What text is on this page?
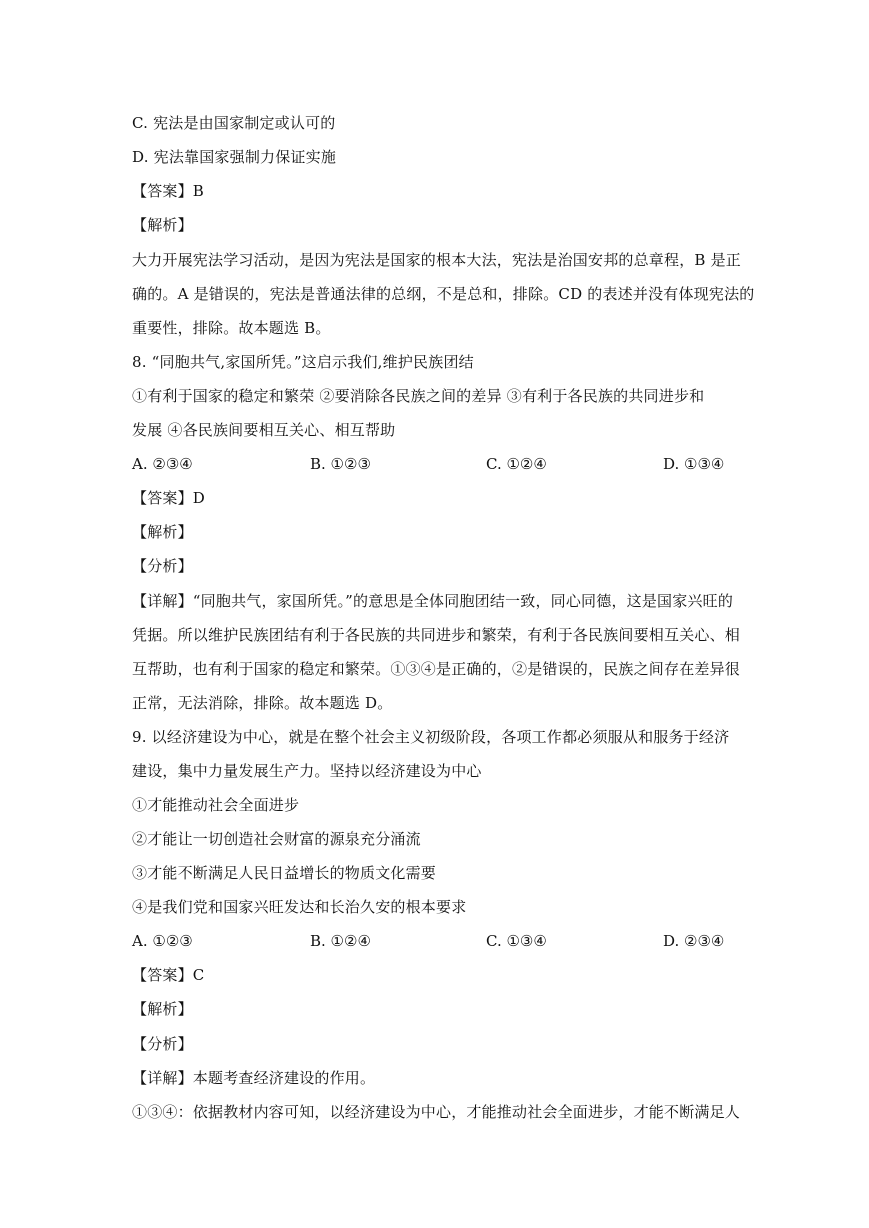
C. 宪法是由国家制定或认可的
D. 宪法靠国家强制力保证实施
【答案】B
【解析】
大力开展宪法学习活动，是因为宪法是国家的根本大法，宪法是治国安邦的总章程，B 是正
确的。A 是错误的，宪法是普通法律的总纲，不是总和，排除。CD 的表述并没有体现宪法的
重要性，排除。故本题选 B。
8. “同胞共气,家国所凭。”这启示我们,维护民族团结
①有利于国家的稳定和繁荣 ②要消除各民族之间的差异 ③有利于各民族的共同进步和
发展 ④各民族间要相互关心、相互帮助
A. ②③④	B. ①②③	C. ①②④	D. ①③④
【答案】D
【解析】
【分析】
【详解】“同胞共气，家国所凭。”的意思是全体同胞团结一致，同心同德，这是国家兴旺的
凭据。所以维护民族团结有利于各民族的共同进步和繁荣，有利于各民族间要相互关心、相
互帮助，也有利于国家的稳定和繁荣。①③④是正确的，②是错误的，民族之间存在差异很
正常，无法消除，排除。故本题选 D。
9. 以经济建设为中心，就是在整个社会主义初级阶段，各项工作都必须服从和服务于经济
建设，集中力量发展生产力。坚持以经济建设为中心
①才能推动社会全面进步
②才能让一切创造社会财富的源泉充分涌流
③才能不断满足人民日益增长的物质文化需要
④是我们党和国家兴旺发达和长治久安的根本要求
A. ①②③	B. ①②④	C. ①③④	D. ②③④
【答案】C
【解析】
【分析】
【详解】本题考查经济建设的作用。
①③④：依据教材内容可知，以经济建设为中心，才能推动社会全面进步，才能不断满足人
